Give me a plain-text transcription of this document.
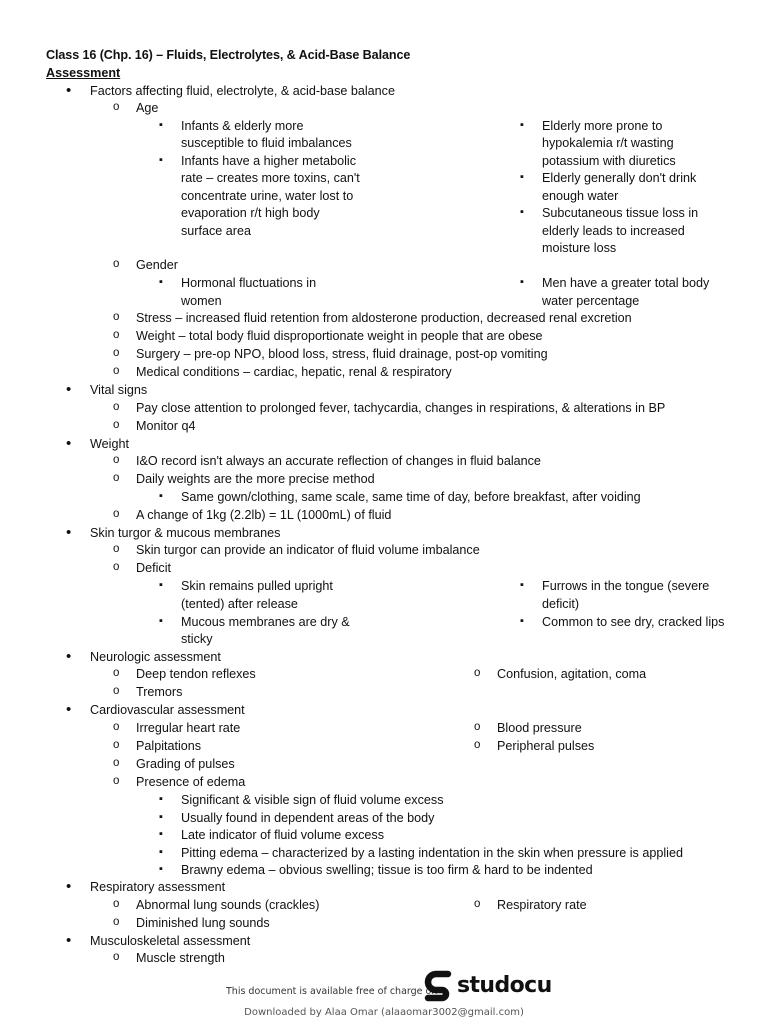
Class 16 (Chp. 16) – Fluids, Electrolytes, & Acid-Base Balance
Assessment
• Factors affecting fluid, electrolyte, & acid-base balance
o Age
▪ Infants & elderly more
susceptible to fluid imbalances
▪ Infants have a higher metabolic
rate – creates more toxins, can't
concentrate urine, water lost to
evaporation r/t high body
surface area
▪ Elderly more prone to
hypokalemia r/t wasting
potassium with diuretics
▪ Elderly generally don't drink
enough water
▪ Subcutaneous tissue loss in
elderly leads to increased
moisture loss
o Gender
▪ Hormonal fluctuations in
women
▪ Men have a greater total body
water percentage
o Stress – increased fluid retention from aldosterone production, decreased renal excretion
o Weight – total body fluid disproportionate weight in people that are obese
o Surgery – pre-op NPO, blood loss, stress, fluid drainage, post-op vomiting
o Medical conditions – cardiac, hepatic, renal & respiratory
• Vital signs
o Pay close attention to prolonged fever, tachycardia, changes in respirations, & alterations in BP
o Monitor q4
• Weight
o I&O record isn't always an accurate reflection of changes in fluid balance
o Daily weights are the more precise method
▪ Same gown/clothing, same scale, same time of day, before breakfast, after voiding
o A change of 1kg (2.2lb) = 1L (1000mL) of fluid
• Skin turgor & mucous membranes
o Skin turgor can provide an indicator of fluid volume imbalance
o Deficit
▪ Skin remains pulled upright
(tented) after release
▪ Mucous membranes are dry &
sticky
▪ Furrows in the tongue (severe
deficit)
▪ Common to see dry, cracked lips
• Neurologic assessment
o Deep tendon reflexes
o Tremors
o Confusion, agitation, coma
• Cardiovascular assessment
o Irregular heart rate
o Palpitations
o Grading of pulses
o Presence of edema
o Blood pressure
o Peripheral pulses
▪ Significant & visible sign of fluid volume excess
▪ Usually found in dependent areas of the body
▪ Late indicator of fluid volume excess
▪ Pitting edema – characterized by a lasting indentation in the skin when pressure is applied
▪ Brawny edema – obvious swelling; tissue is too firm & hard to be indented
• Respiratory assessment
o Abnormal lung sounds (crackles)
o Diminished lung sounds
o Respiratory rate
• Musculoskeletal assessment
o Muscle strength
This document is available free of charge on studocu
Downloaded by Alaa Omar (alaaomar3002@gmail.com)
